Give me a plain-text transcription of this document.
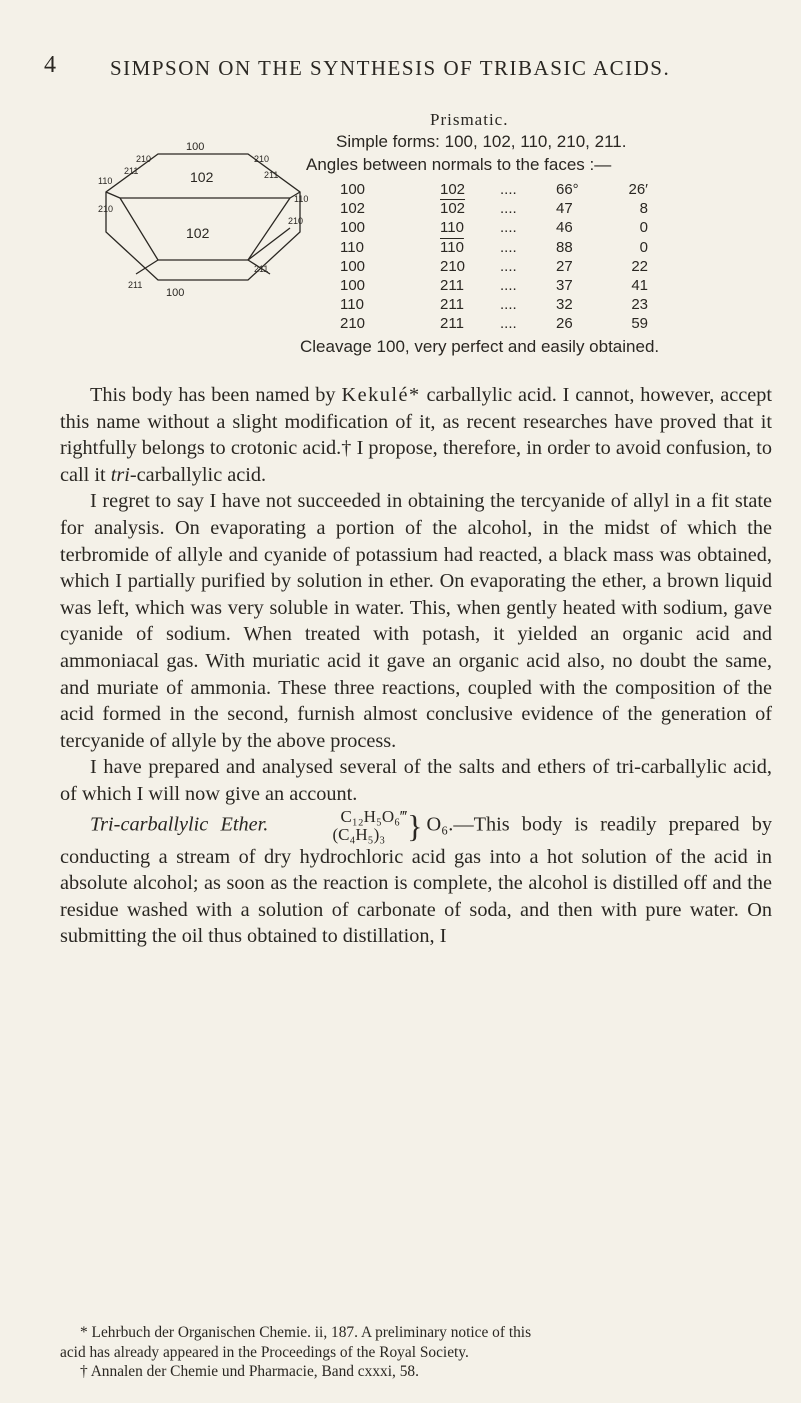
4	SIMPSON ON THE SYNTHESIS OF TRIBASIC ACIDS.
100
210	210
102
102
100
110
210
110
210
211	211
211
211
Prismatic.
Simple forms: 100, 102, 110, 210, 211.
Angles between normals to the faces :—
100	102	....	66°	26′
102	102	....	47	8
100	110	....	46	0
110	110	....	88	0
100	210	....	27	22
100	211	....	37	41
110	211	....	32	23
210	211	....	26	59
Cleavage 100, very perfect and easily obtained.

This body has been named by Kekulé* carballylic acid. I cannot, however, accept this name without a slight modification of it, as recent researches have proved that it rightfully belongs to crotonic acid.† I propose, therefore, in order to avoid confusion, to call it tri-carballylic acid.

I regret to say I have not succeeded in obtaining the tercyanide of allyl in a fit state for analysis. On evaporating a portion of the alcohol, in the midst of which the terbromide of allyle and cyanide of potassium had reacted, a black mass was obtained, which I partially purified by solution in ether. On evaporating the ether, a brown liquid was left, which was very soluble in water. This, when gently heated with sodium, gave cyanide of sodium. When treated with potash, it yielded an organic acid and ammoniacal gas. With muriatic acid it gave an organic acid also, no doubt the same, and muriate of ammonia. These three reactions, coupled with the composition of the acid formed in the second, furnish almost conclusive evidence of the generation of tercyanide of allyle by the above process.

I have prepared and analysed several of the salts and ethers of tri-carballylic acid, of which I will now give an account.

Tri-carballylic Ether.	C₁₂H₅O₆‴
(C₄H₅)₃ } O₆.—This body is readily prepared by conducting a stream of dry hydrochloric acid gas into a hot solution of the acid in absolute alcohol; as soon as the reaction is complete, the alcohol is distilled off and the residue washed with a solution of carbonate of soda, and then with pure water. On submitting the oil thus obtained to distillation, I

* Lehrbuch der Organischen Chemie. ii, 187. A preliminary notice of this

acid has already appeared in the Proceedings of the Royal Society.

† Annalen der Chemie und Pharmacie, Band cxxxi, 58.
